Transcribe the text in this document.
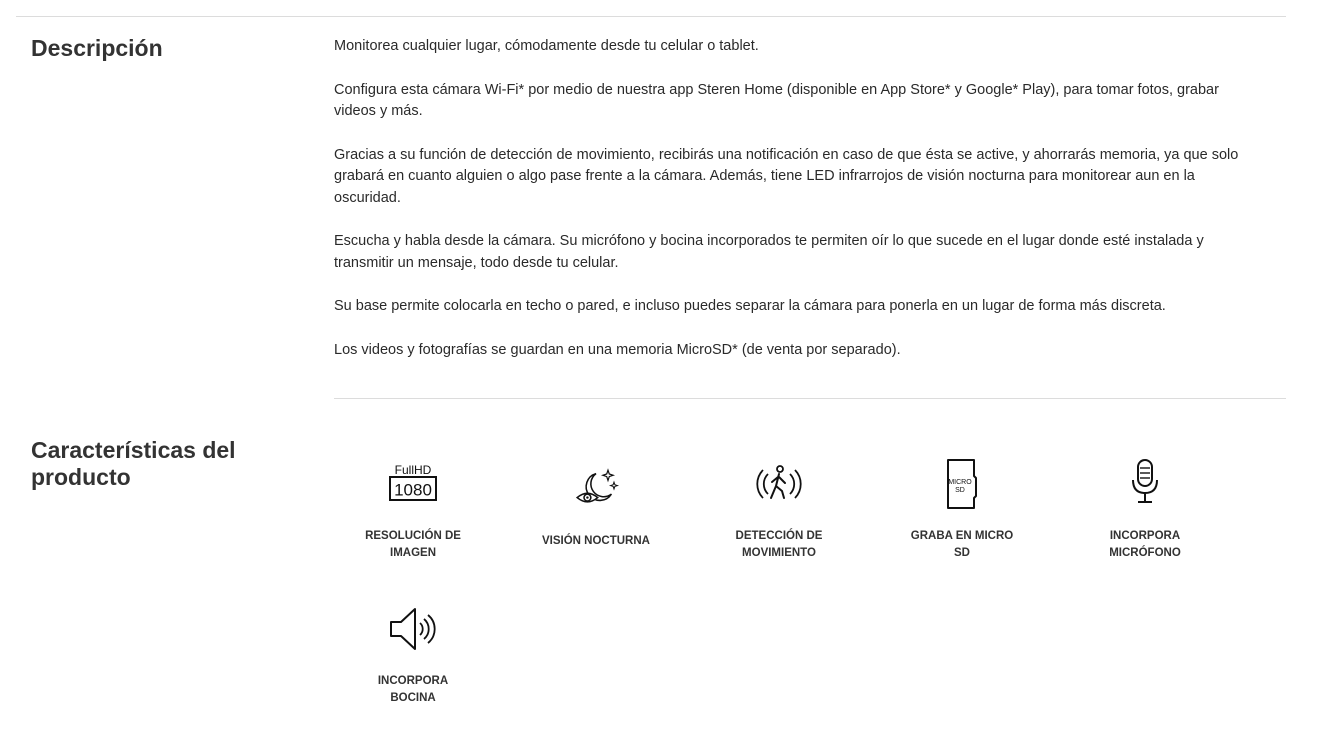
Descripción	Monitorea cualquier lugar, cómodamente desde tu celular o tablet.

Configura esta cámara Wi-Fi* por medio de nuestra app Steren Home (disponible en App Store* y Google* Play), para tomar fotos, grabar videos y más.

Gracias a su función de detección de movimiento, recibirás una notificación en caso de que ésta se active, y ahorrarás memoria, ya que solo grabará en cuanto alguien o algo pase frente a la cámara. Además, tiene LED infrarrojos de visión nocturna para monitorear aun en la oscuridad.

Escucha y habla desde la cámara. Su micrófono y bocina incorporados te permiten oír lo que sucede en el lugar donde esté instalada y transmitir un mensaje, todo desde tu celular.

Su base permite colocarla en techo o pared, e incluso puedes separar la cámara para ponerla en un lugar de forma más discreta.

Los videos y fotografías se guardan en una memoria MicroSD* (de venta por separado).

Características del producto	FullHD
1080
RESOLUCIÓN DE IMAGEN
VISIÓN NOCTURNA	DETECCIÓN DE MOVIMIENTO
MICRO
SD
GRABA EN MICRO SD
INCORPORA MICRÓFONO
INCORPORA BOCINA
